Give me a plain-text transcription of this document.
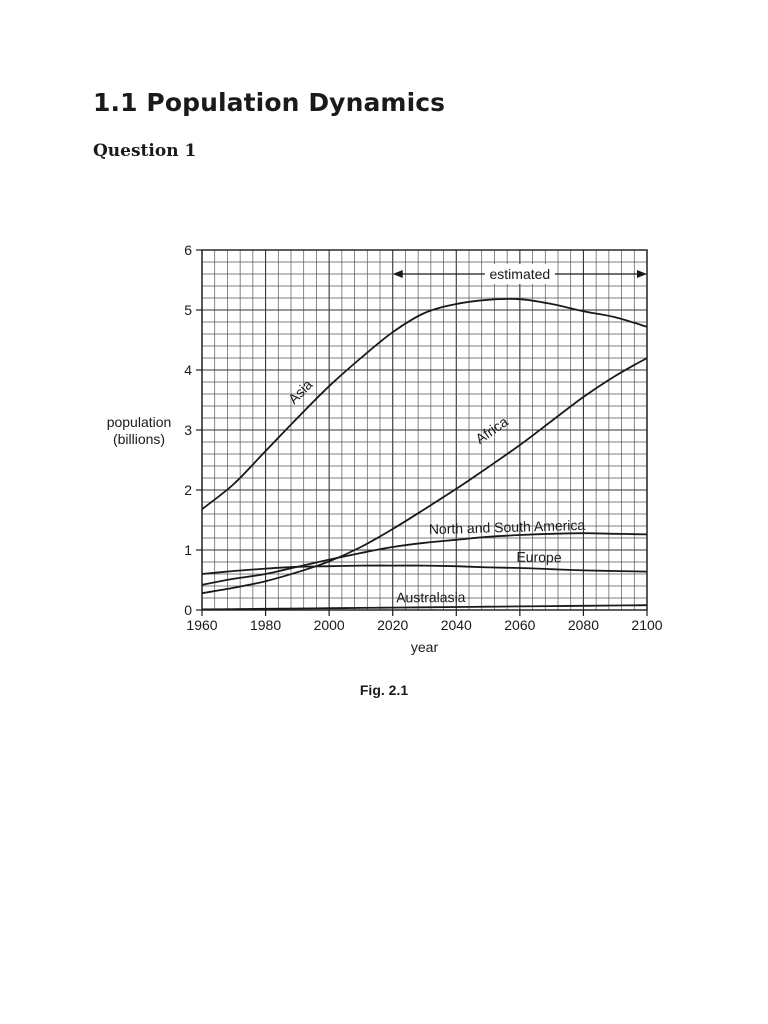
1.1 Population Dynamics
Question 1
0
1
2
3
4
5
6
1960 1980 2000 2020 2040 2060 2080 2100
year
population
(billions)
estimated
Asia
Africa
North and South America
Europe
Australasia
Fig. 2.1
